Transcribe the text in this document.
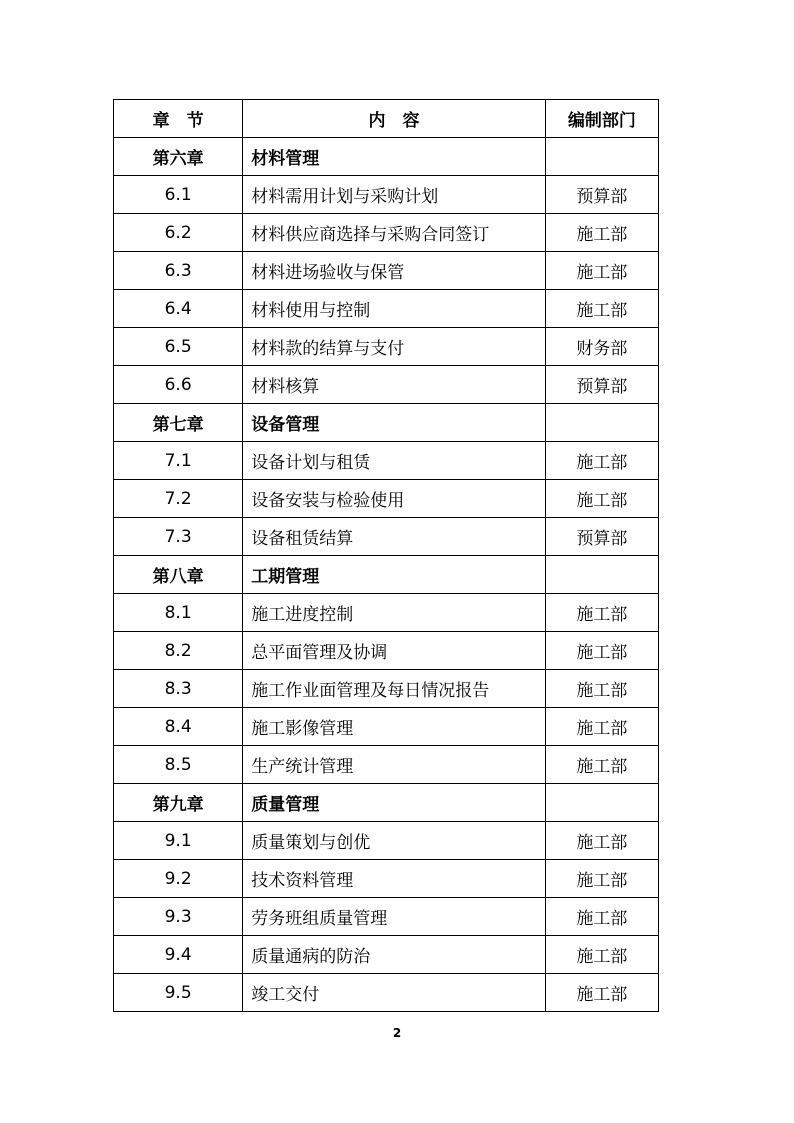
章　节	内　容	编制部门
第六章	材料管理	
6.1	材料需用计划与采购计划	预算部
6.2	材料供应商选择与采购合同签订	施工部
6.3	材料进场验收与保管	施工部
6.4	材料使用与控制	施工部
6.5	材料款的结算与支付	财务部
6.6	材料核算	预算部
第七章	设备管理	
7.1	设备计划与租赁	施工部
7.2	设备安装与检验使用	施工部
7.3	设备租赁结算	预算部
第八章	工期管理	
8.1	施工进度控制	施工部
8.2	总平面管理及协调	施工部
8.3	施工作业面管理及每日情况报告	施工部
8.4	施工影像管理	施工部
8.5	生产统计管理	施工部
第九章	质量管理	
9.1	质量策划与创优	施工部
9.2	技术资料管理	施工部
9.3	劳务班组质量管理	施工部
9.4	质量通病的防治	施工部
9.5	竣工交付	施工部
2
